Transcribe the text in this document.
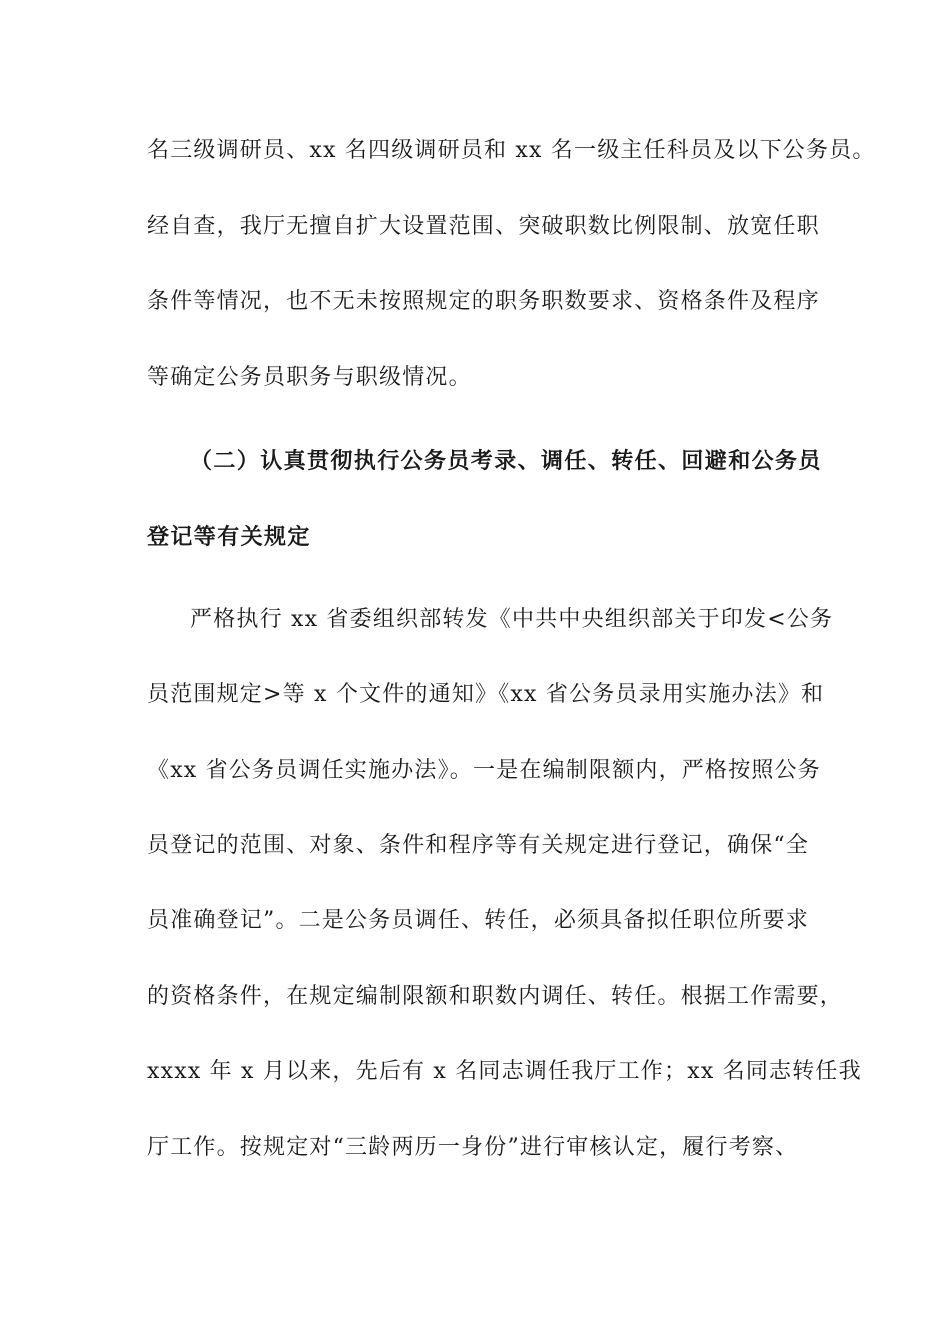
名三级调研员、xx 名四级调研员和 xx 名一级主任科员及以下公务员。
经自查，我厅无擅自扩大设置范围、突破职数比例限制、放宽任职
条件等情况，也不无未按照规定的职务职数要求、资格条件及程序
等确定公务员职务与职级情况。
（二）认真贯彻执行公务员考录、调任、转任、回避和公务员
登记等有关规定
严格执行 xx 省委组织部转发《中共中央组织部关于印发<公务
员范围规定>等 x 个文件的通知》《xx 省公务员录用实施办法》和
《xx 省公务员调任实施办法》。一是在编制限额内，严格按照公务
员登记的范围、对象、条件和程序等有关规定进行登记，确保“全
员准确登记”。二是公务员调任、转任，必须具备拟任职位所要求
的资格条件，在规定编制限额和职数内调任、转任。根据工作需要，
xxxx 年 x 月以来，先后有 x 名同志调任我厅工作；xx 名同志转任我
厅工作。按规定对“三龄两历一身份”进行审核认定，履行考察、
